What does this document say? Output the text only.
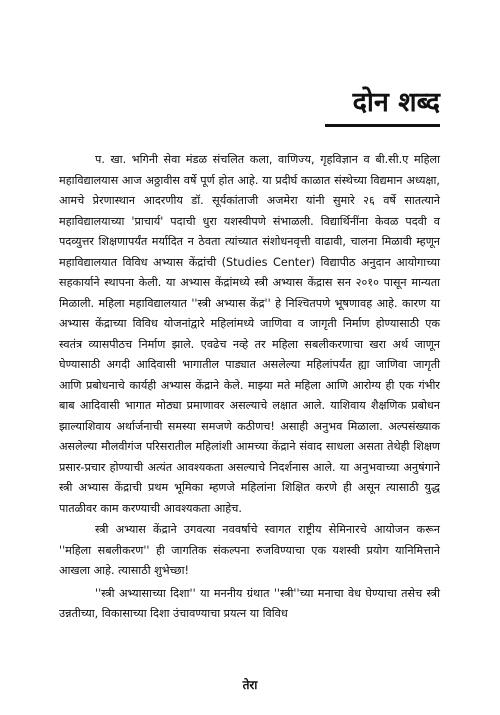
दोन शब्द

प. खा. भगिनी सेवा मंडळ संचलित कला, वाणिज्य, गृहविज्ञान व बी.सी.ए महिला महाविद्यालयास आज अठ्ठावीस वर्षे पूर्ण होत आहे. या प्रदीर्घ काळात संस्थेच्या विद्यमान अध्यक्षा, आमचे प्रेरणास्थान आदरणीय डॉ. सूर्यकांताजी अजमेरा यांनी सुमारे २६ वर्षे सातत्याने महाविद्यालयाच्या 'प्राचार्य' पदाची धुरा यशस्वीपणे संभाळली. विद्यार्थिनींना केवळ पदवी व पदव्युत्तर शिक्षणापर्यंत मर्यादित न ठेवता त्यांच्यात संशोधनवृत्ती वाढावी, चालना मिळावी म्हणून महाविद्यालयात विविध अभ्यास केंद्रांची (Studies Center) विद्यापीठ अनुदान आयोगाच्या सहकार्याने स्थापना केली. या अभ्यास केंद्रांमध्ये स्त्री अभ्यास केंद्रास सन २०१० पासून मान्यता मिळाली. महिला महाविद्यालयात ''स्त्री अभ्यास केंद्र'' हे निश्चितपणे भूषणावह आहे. कारण या अभ्यास केंद्राच्या विविध योजनांद्वारे महिलांमध्ये जाणिवा व जागृती निर्माण होण्यासाठी एक स्वतंत्र व्यासपीठच निर्माण झाले. एवढेच नव्हे तर महिला सबलीकरणाचा खरा अर्थ जाणून घेण्यासाठी अगदी आदिवासी भागातील पाड्यात असलेल्या महिलांपर्यंत ह्या जाणिवा जागृती आणि प्रबोधनाचे कार्यही अभ्यास केंद्राने केले. माझ्या मते महिला आणि आरोग्य ही एक गंभीर बाब आदिवासी भागात मोठ्या प्रमाणावर असल्याचे लक्षात आले. याशिवाय शैक्षणिक प्रबोधन झाल्याशिवाय अर्थार्जनाची समस्या समजणे कठीणच! असाही अनुभव मिळाला. अल्पसंख्याक असलेल्या मौलवीगंज परिसरातील महिलांशी आमच्या केंद्राने संवाद साधला असता तेथेही शिक्षण प्रसार-प्रचार होण्याची अत्यंत आवश्यकता असल्याचे निदर्शनास आले. या अनुभवाच्या अनुषंगाने स्त्री अभ्यास केंद्राची प्रथम भूमिका म्हणजे महिलांना शिक्षित करणे ही असून त्यासाठी युद्ध पातळीवर काम करण्याची आवश्यकता आहेच.

स्त्री अभ्यास केंद्राने उगवत्या नववर्षाचे स्वागत राष्ट्रीय सेमिनारचे आयोजन करून ''महिला सबलीकरण'' ही जागतिक संकल्पना रुजविण्याचा एक यशस्वी प्रयोग यानिमित्ताने आखला आहे. त्यासाठी शुभेच्छा!

''स्त्री अभ्यासाच्या दिशा'' या मननीय ग्रंथात ''स्त्री''च्या मनाचा वेध घेण्याचा तसेच स्त्री उन्नतीच्या, विकासाच्या दिशा उंचावण्याचा प्रयत्न या विविध

तेरा
